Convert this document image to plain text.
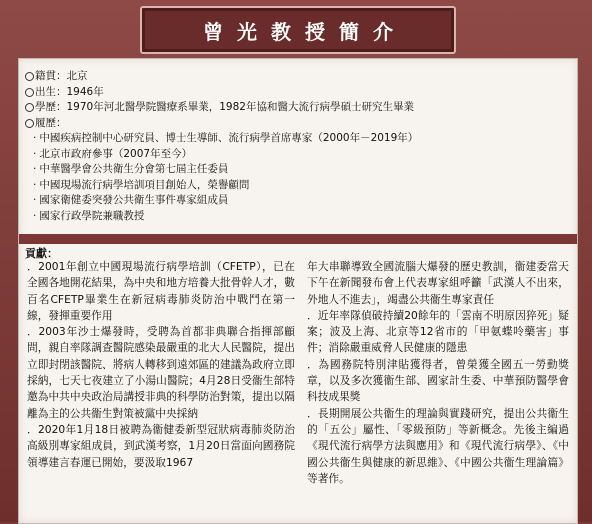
曾光教授簡介
籍貫：北京
出生：1946年
學歷：1970年河北醫學院醫療系畢業，1982年協和醫大流行病學碩士研究生畢業
履歷：
· 中國疾病控制中心研究員、博士生導師、流行病學首席專家（2000年－2019年）
· 北京市政府參事（2007年至今）
· 中華醫學會公共衛生分會第七屆主任委員
· 中國現場流行病學培訓項目創始人，榮譽顧問
· 國家衛健委突發公共衛生事件專家組成員
· 國家行政學院兼職教授
貢獻：

．2001年創立中國現場流行病學培訓（CFETP），已在全國各地開花結果，為中央和地方培養大批骨幹人才，數百名CFETP畢業生在新冠病毒肺炎防治中戰鬥在第一線，發揮重要作用

．2003年沙士爆發時，受聘為首都非典聯合指揮部顧問，親自率隊調查醫院感染最嚴重的北大人民醫院，提出立即封閉該醫院、將病人轉移到遠郊區的建議為政府立即採納，七天七夜建立了小湯山醫院；4月28日受衞生部特邀為中共中央政治局講授非典的科學防治對策，提出以隔離為主的公共衞生對策被黨中央採納

．2020年1月18日被聘為衞健委新型冠狀病毒肺炎防治高級別專家組成員，到武漢考察，1月20日當面向國務院領導建言春運已開始，要汲取1967

年大串聯導致全國流腦大爆發的歷史教訓，衞建委當天下午在新聞發布會上代表專家組呼籲「武漢人不出來，外地人不進去」，竭盡公共衞生專家責任

．近年率隊偵破持續20餘年的「雲南不明原因猝死」疑案；波及上海、北京等12省市的「甲氨蝶呤藥害」事件；消除嚴重威脅人民健康的隱患

．為國務院特別津貼獲得者，曾榮獲全國五一勞動獎章，以及多次獲衞生部、國家計生委、中華預防醫學會科技成果獎

．長期開展公共衞生的理論與實踐研究，提出公共衞生的「五公」屬性、「零級預防」等新概念。先後主編過《現代流行病學方法與應用》和《現代流行病學》、《中國公共衞生與健康的新思維》、《中國公共衞生理論篇》等著作。
